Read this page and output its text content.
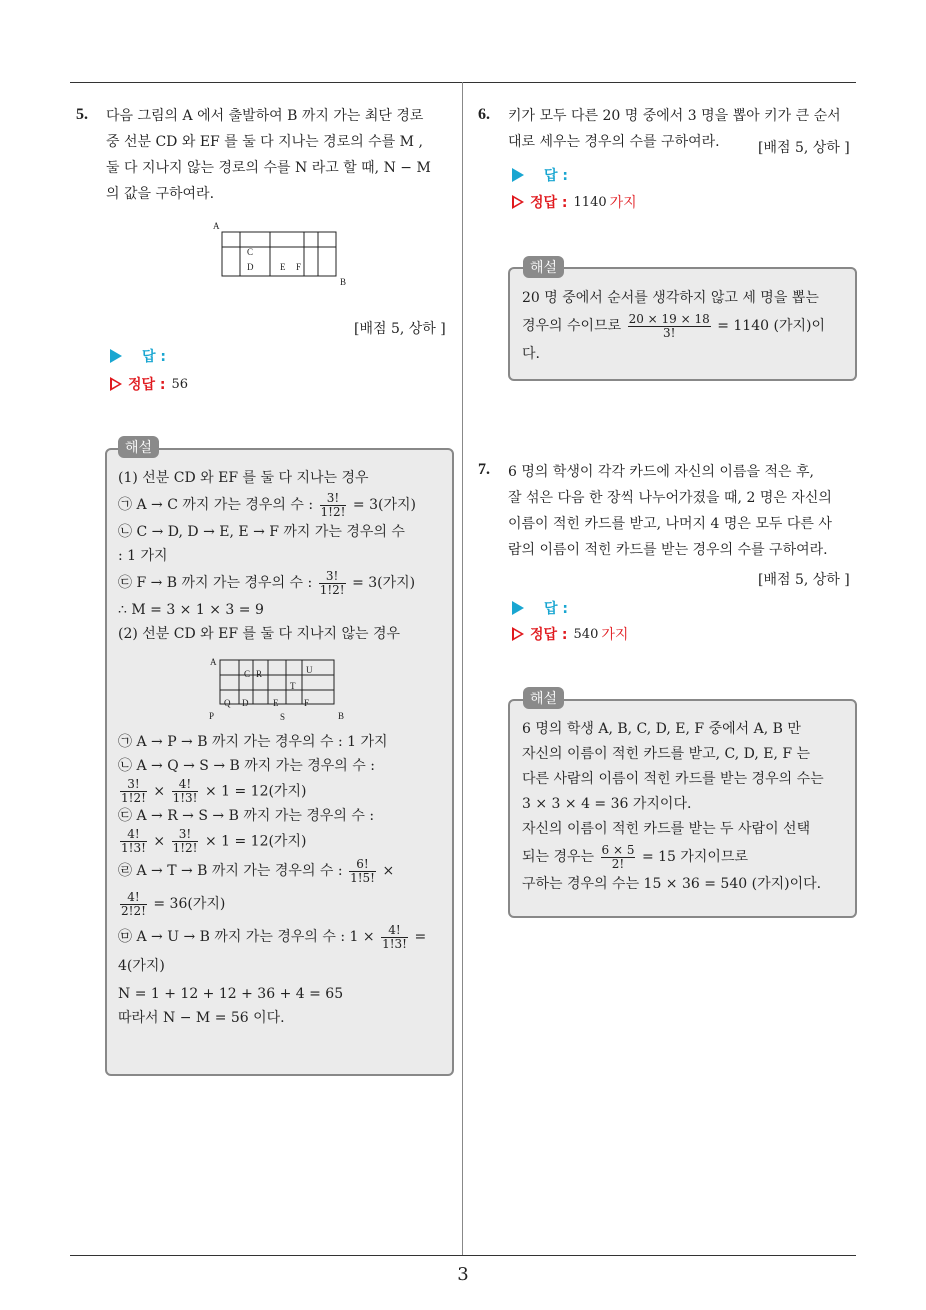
3
5. 다음 그림의 A 에서 출발하여 B 까지 가는 최단 경로
중 선분 CD 와 EF 를 둘 다 지나는 경로의 수를 M ,
둘 다 지나지 않는 경로의 수를 N 라고 할 때, N − M
의 값을 구하여라.
A
C
D	E F
B
[배점 5, 상하 ]
답 :
정답 : 56
해설
(1) 선분 CD 와 EF 를 둘 다 지나는 경우
㉠ A → C 까지 가는 경우의 수 : $\frac{3!}{1!2!} = 3$(가지)
㉡ C → D, D → E, E → F 까지 가는 경우의 수
: 1 가지
㉢ F → B 까지 가는 경우의 수 : $\frac{3!}{1!2!} = 3$(가지)
∴ M = 3 × 1 × 3 = 9
(2) 선분 CD 와 EF 를 둘 다 지나지 않는 경우
A
C R	U
T
Q D	E	F
P	S	B
㉠ A → P → B 까지 가는 경우의 수 : 1 가지
㉡ A → Q → S → B 까지 가는 경우의 수 :
$\frac{3!}{1!2!} \times \frac{4!}{1!3!} \times 1 = 12$(가지)
㉢ A → R → S → B 까지 가는 경우의 수 :
$\frac{4!}{1!3!} \times \frac{3!}{1!2!} \times 1 = 12$(가지)
㉣ A → T → B 까지 가는 경우의 수 : $\frac{6!}{1!5!}$ ×
$\frac{4!}{2!2!} = 36$(가지)
㉤ A → U → B 까지 가는 경우의 수 : $1 \times \frac{4!}{1!3!}$ =
4(가지)
N = 1 + 12 + 12 + 36 + 4 = 65
따라서 N − M = 56 이다.
6. 키가 모두 다른 20 명 중에서 3 명을 뽑아 키가 큰 순서
대로 세우는 경우의 수를 구하여라.	[배점 5, 상하 ]
답 :
정답 : 1140 가지
해설
20 명 중에서 순서를 생각하지 않고 세 명을 뽑는
경우의 수이므로 $\frac{20 \times 19 \times 18}{3!} = 1140$ (가지)이
다.
7. 6 명의 학생이 각각 카드에 자신의 이름을 적은 후,
잘 섞은 다음 한 장씩 나누어가졌을 때, 2 명은 자신의
이름이 적힌 카드를 받고, 나머지 4 명은 모두 다른 사
람의 이름이 적힌 카드를 받는 경우의 수를 구하여라.
[배점 5, 상하 ]
답 :
정답 : 540 가지
해설
6 명의 학생 A, B, C, D, E, F 중에서 A, B 만
자신의 이름이 적힌 카드를 받고, C, D, E, F 는
다른 사람의 이름이 적힌 카드를 받는 경우의 수는
3 × 3 × 4 = 36 가지이다.
자신의 이름이 적힌 카드를 받는 두 사람이 선택
되는 경우는 $\frac{6 \times 5}{2!} = 15$ 가지이므로
구하는 경우의 수는 15 × 36 = 540 (가지)이다.
